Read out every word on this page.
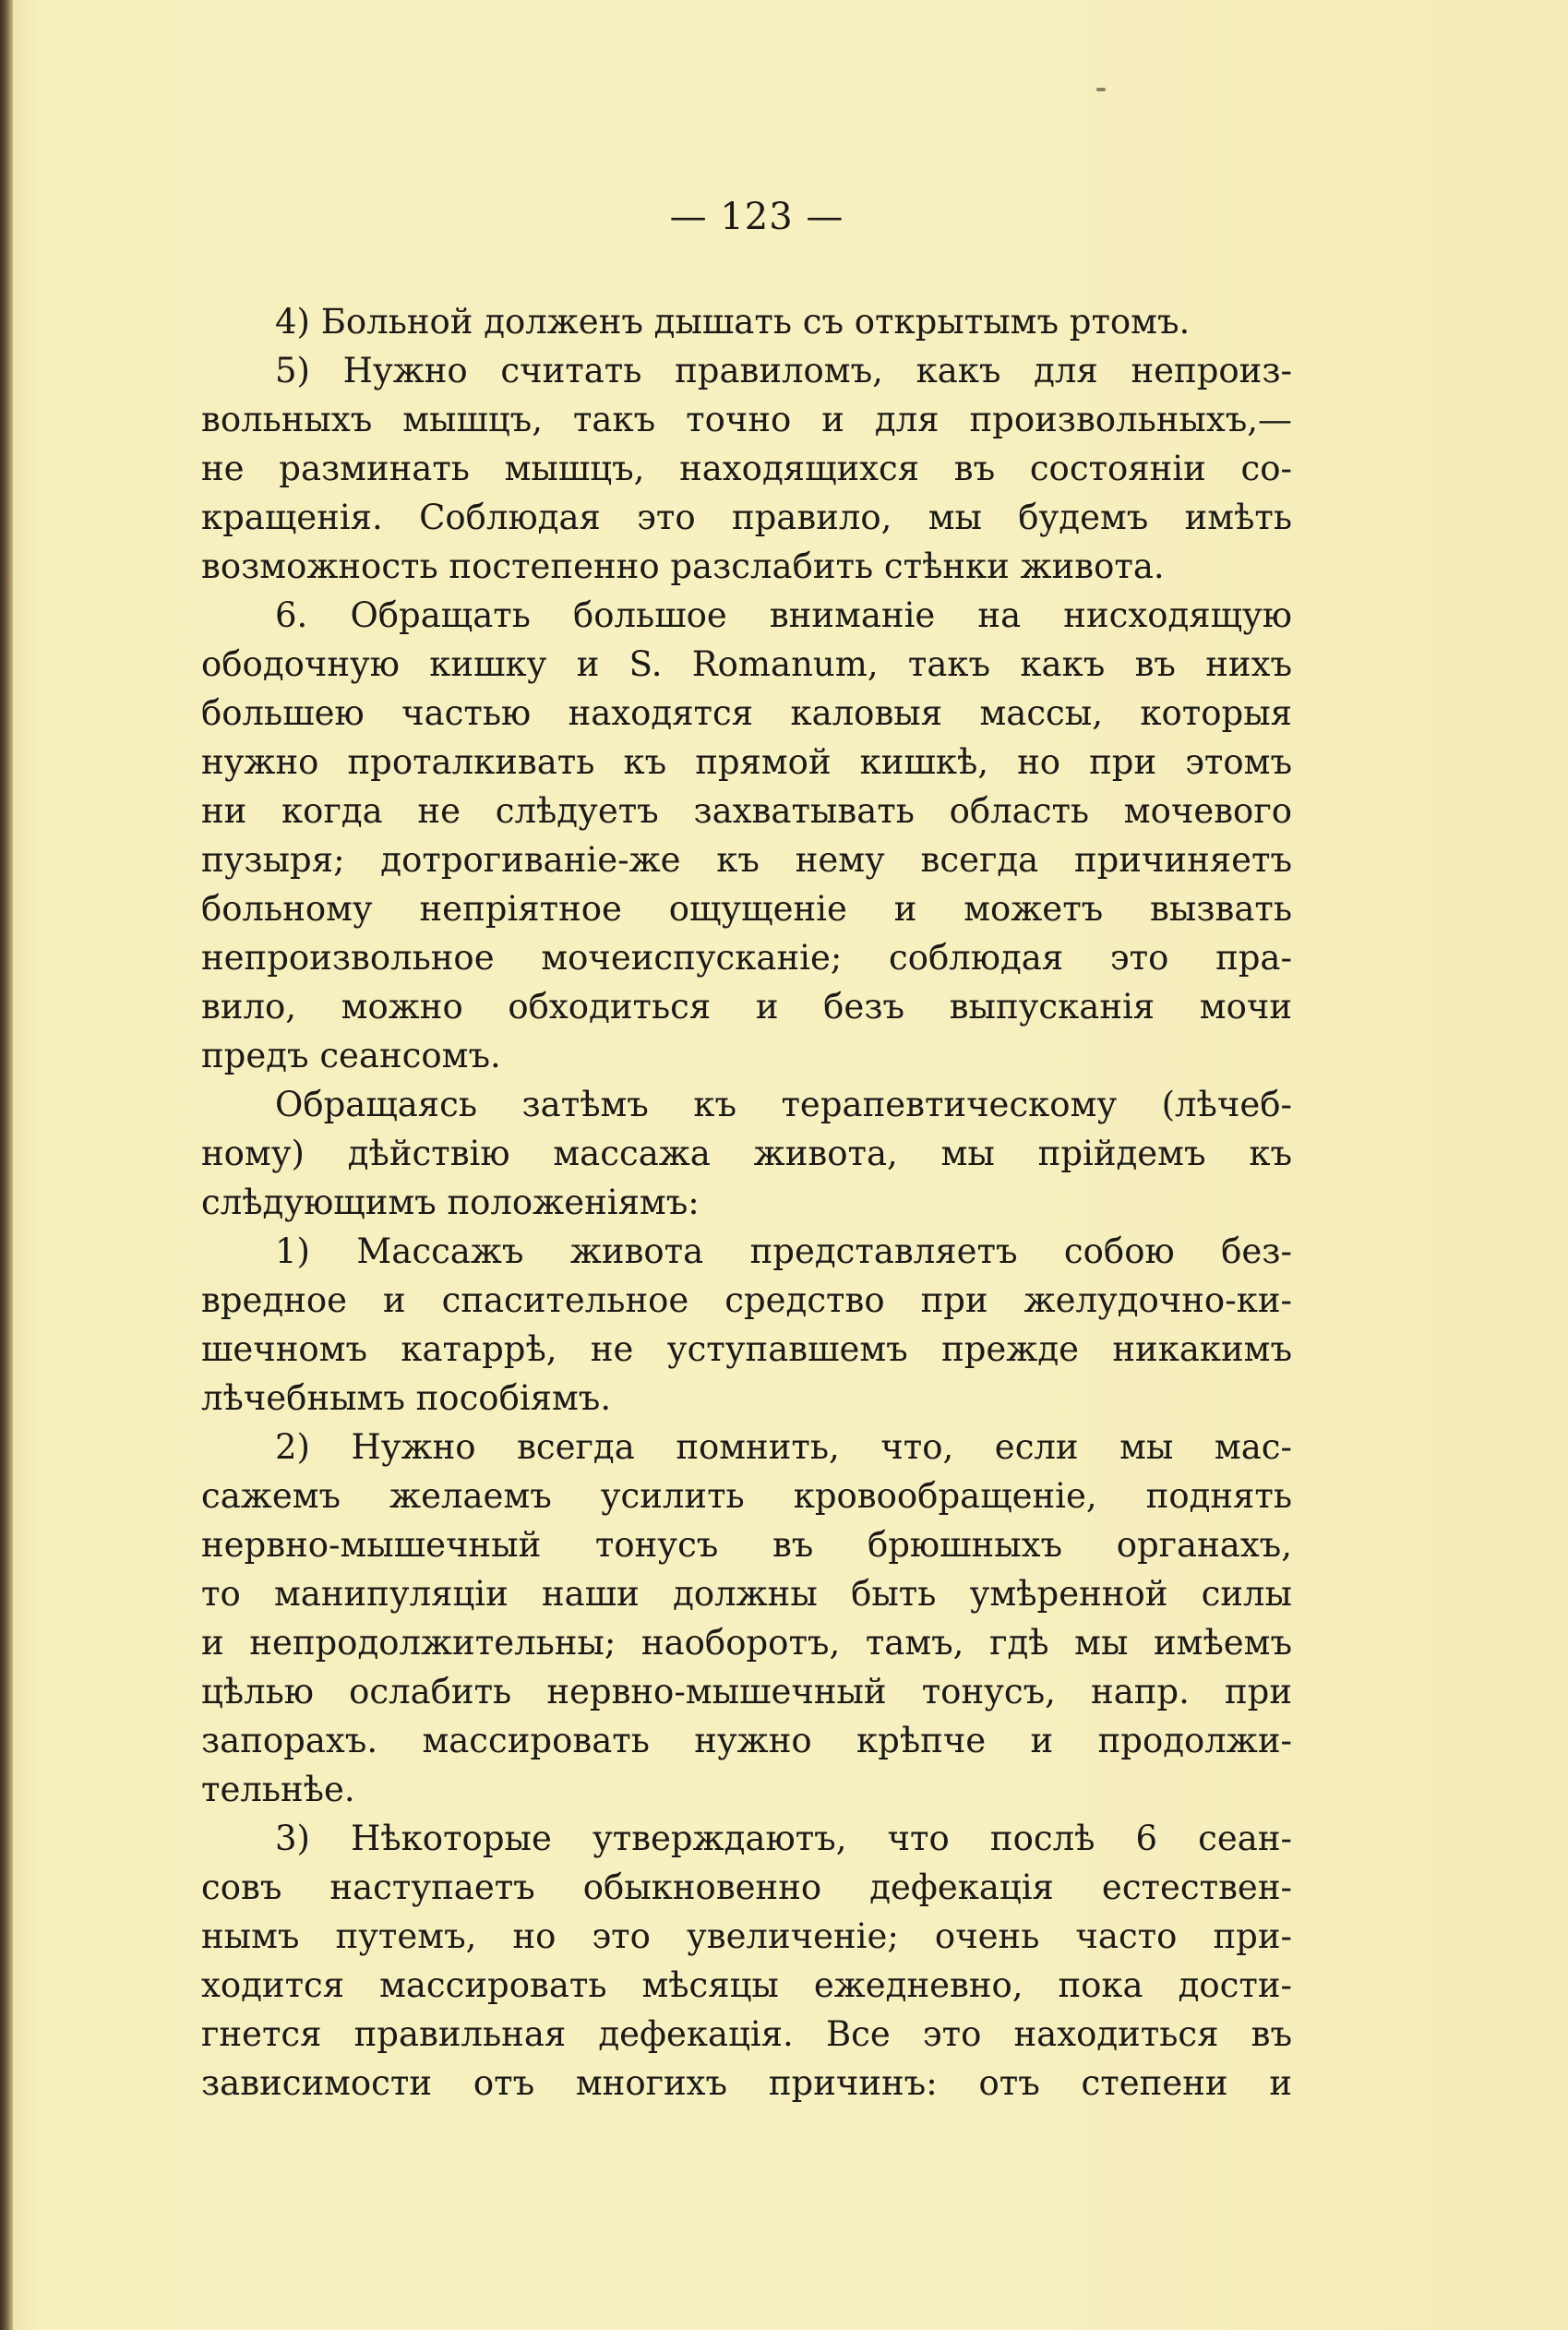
— 123 —
4) Больной долженъ дышать съ открытымъ ртомъ.
5) Нужно считать правиломъ, какъ для непроиз-
вольныхъ мышцъ, такъ точно и для произвольныхъ,—
не разминать мышцъ, находящихся въ состояніи со-
кращенія. Соблюдая это правило, мы будемъ имѣть
возможность постепенно разслабить стѣнки живота.
6. Обращать большое вниманіе на нисходящую
ободочную кишку и S. Romanum, такъ какъ въ нихъ
большею частью находятся каловыя массы, которыя
нужно проталкивать къ прямой кишкѣ, но при этомъ
ни когда не слѣдуетъ захватывать область мочевого
пузыря; дотрогиваніе-же къ нему всегда причиняетъ
больному непріятное ощущеніе и можетъ вызвать
непроизвольное мочеиспусканіе; соблюдая это пра-
вило, можно обходиться и безъ выпусканія мочи
предъ сеансомъ.
Обращаясь затѣмъ къ терапевтическому (лѣчеб-
ному) дѣйствію массажа живота, мы прійдемъ къ
слѣдующимъ положеніямъ:
1) Массажъ живота представляетъ собою без-
вредное и спасительное средство при желудочно-ки-
шечномъ катаррѣ, не уступавшемъ прежде никакимъ
лѣчебнымъ пособіямъ.
2) Нужно всегда помнить, что, если мы мас-
сажемъ желаемъ усилить кровообращеніе, поднять
нервно-мышечный тонусъ въ брюшныхъ органахъ,
то манипуляціи наши должны быть умѣренной силы
и непродолжительны; наоборотъ, тамъ, гдѣ мы имѣемъ
цѣлью ослабить нервно-мышечный тонусъ, напр. при
запорахъ. массировать нужно крѣпче и продолжи-
тельнѣе.
3) Нѣкоторые утверждаютъ, что послѣ 6 сеан-
совъ наступаетъ обыкновенно дефекація естествен-
нымъ путемъ, но это увеличеніе; очень часто при-
ходится массировать мѣсяцы ежедневно, пока дости-
гнется правильная дефекація. Все это находиться въ
зависимости отъ многихъ причинъ: отъ степени и
